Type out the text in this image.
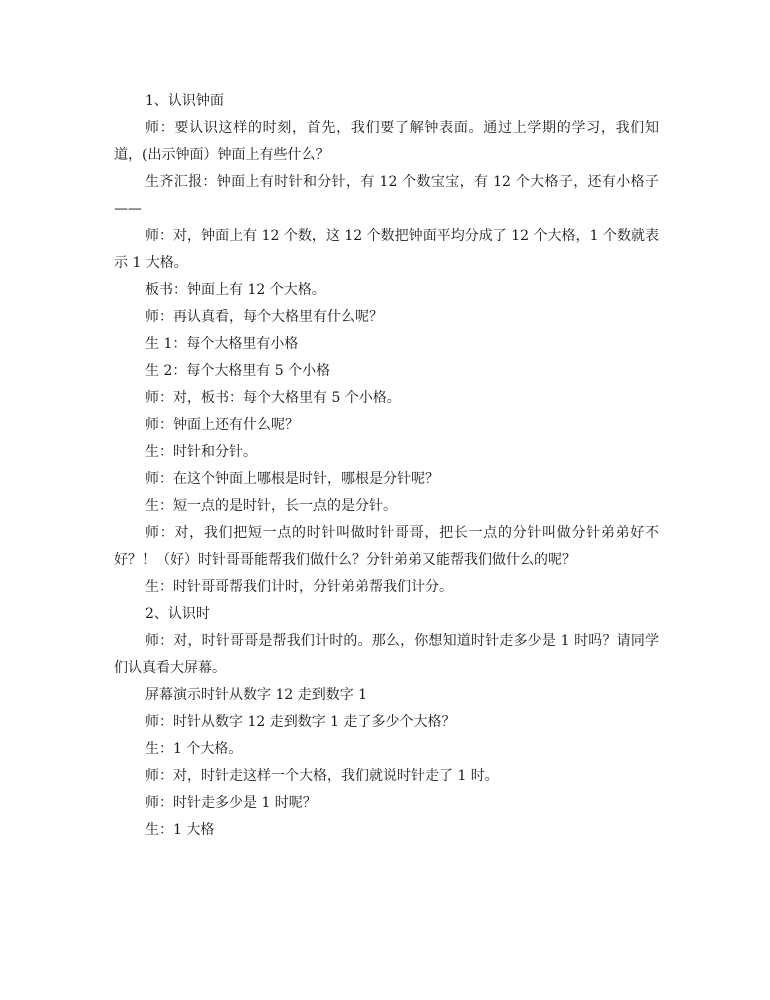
1、认识钟面

师：要认识这样的时刻，首先，我们要了解钟表面。通过上学期的学习，我们知道，(出示钟面）钟面上有些什么？

生齐汇报：钟面上有时针和分针，有 12 个数宝宝，有 12 个大格子，还有小格子——

师：对，钟面上有 12 个数，这 12 个数把钟面平均分成了 12 个大格，1 个数就表示 1 大格。

板书：钟面上有 12 个大格。

师：再认真看，每个大格里有什么呢？

生 1：每个大格里有小格

生 2：每个大格里有 5 个小格

师：对，板书：每个大格里有 5 个小格。

师：钟面上还有什么呢？

生：时针和分针。

师：在这个钟面上哪根是时针，哪根是分针呢？

生：短一点的是时针，长一点的是分针。

师：对，我们把短一点的时针叫做时针哥哥，把长一点的分针叫做分针弟弟好不好？！（好）时针哥哥能帮我们做什么？分针弟弟又能帮我们做什么的呢？

生：时针哥哥帮我们计时，分针弟弟帮我们计分。

2、认识时

师：对，时针哥哥是帮我们计时的。那么，你想知道时针走多少是 1 时吗？请同学们认真看大屏幕。

屏幕演示时针从数字 12 走到数字 1

师：时针从数字 12 走到数字 1 走了多少个大格？

生：1 个大格。

师：对，时针走这样一个大格，我们就说时针走了 1 时。

师：时针走多少是 1 时呢？

生：1 大格
